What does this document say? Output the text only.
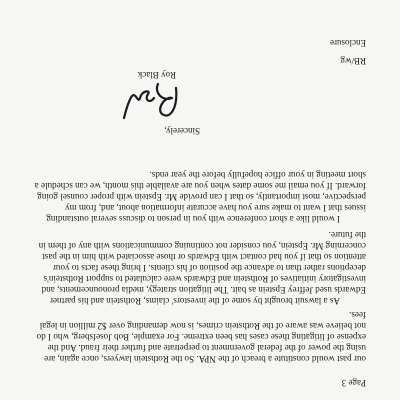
Page 3

our past would constitute a breach of the NPA. So the Rothstein lawyers, once again, are using the power of the federal government to perpetrate and further their fraud. And the expense of litigating these cases has been extreme. For example, Bob Josefsberg, who I do not believe was aware of the Rothstein crimes, is now demanding over $2 million in legal fees.

As a lawsuit brought by some of the investors' claims, Rothstein and his partner Edwards used Jeffrey Epstein as bait. The litigation strategy, media pronouncements, and investigatory initiatives of Rothstein and Edwards were calculated to support Rothstein's deceptions rather than to advance the position of his clients. I bring these facts to your attention so that if you had contact with Edwards or those associated with him in the past concerning Mr. Epstein, you consider not continuing communications with any of them in the future.

I would like a short conference with you in person to discuss several outstanding issues that I want to make sure you have accurate information about, and, from my perspective, most importantly, so that I can provide Mr. Epstein with proper counsel going forward. If you email me some dates when you are available this month, we can schedule a short meeting in your office hopefully before the year ends.

Sincerely,
Roy Black
RB/wg
Enclosure
